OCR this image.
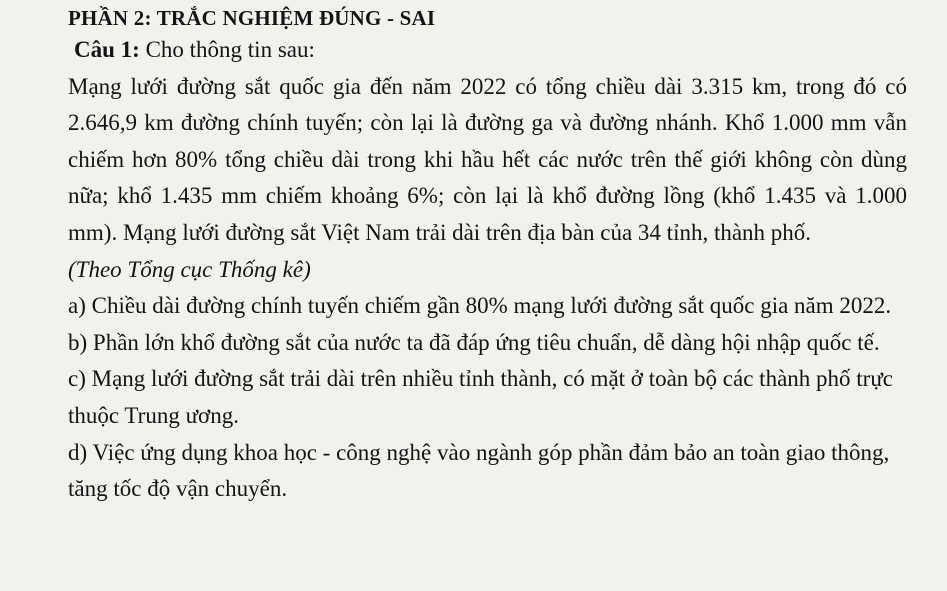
PHẦN 2: TRẮC NGHIỆM ĐÚNG - SAI
Câu 1: Cho thông tin sau:

Mạng lưới đường sắt quốc gia đến năm 2022 có tổng chiều dài 3.315 km, trong đó có 2.646,9 km đường chính tuyến; còn lại là đường ga và đường nhánh. Khổ 1.000 mm vẫn chiếm hơn 80% tổng chiều dài trong khi hầu hết các nước trên thế giới không còn dùng nữa; khổ 1.435 mm chiếm khoảng 6%; còn lại là khổ đường lồng (khổ 1.435 và 1.000 mm). Mạng lưới đường sắt Việt Nam trải dài trên địa bàn của 34 tỉnh, thành phố.

(Theo Tổng cục Thống kê)
a) Chiều dài đường chính tuyến chiếm gần 80% mạng lưới đường sắt quốc gia năm 2022.
b) Phần lớn khổ đường sắt của nước ta đã đáp ứng tiêu chuẩn, dễ dàng hội nhập quốc tế.
c) Mạng lưới đường sắt trải dài trên nhiều tỉnh thành, có mặt ở toàn bộ các thành phố trực thuộc Trung ương.
d) Việc ứng dụng khoa học - công nghệ vào ngành góp phần đảm bảo an toàn giao thông, tăng tốc độ vận chuyển.
